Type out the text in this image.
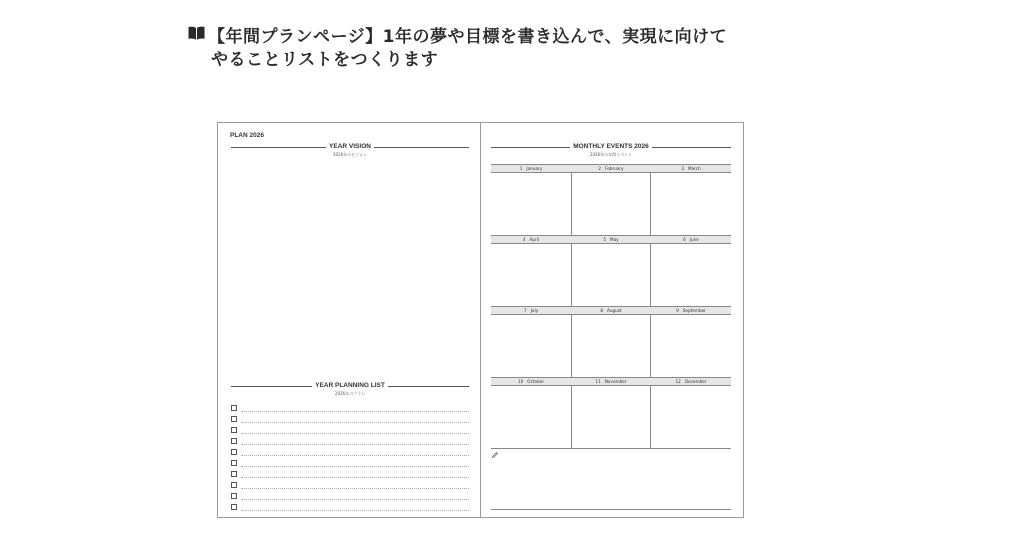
【年間プランページ】1年の夢や目標を書き込んで、実現に向けて
やることリストをつくります
PLAN 2026
YEAR VISION
2026年のビジョン
YEAR PLANNING LIST
2026年のプラン
MONTHLY EVENTS 2026
2026年の年間イベント
1 January	2 February	3 March
4 April	5 May	6 June
7 July	8 August	9 September
10 October	11 November	12 December
